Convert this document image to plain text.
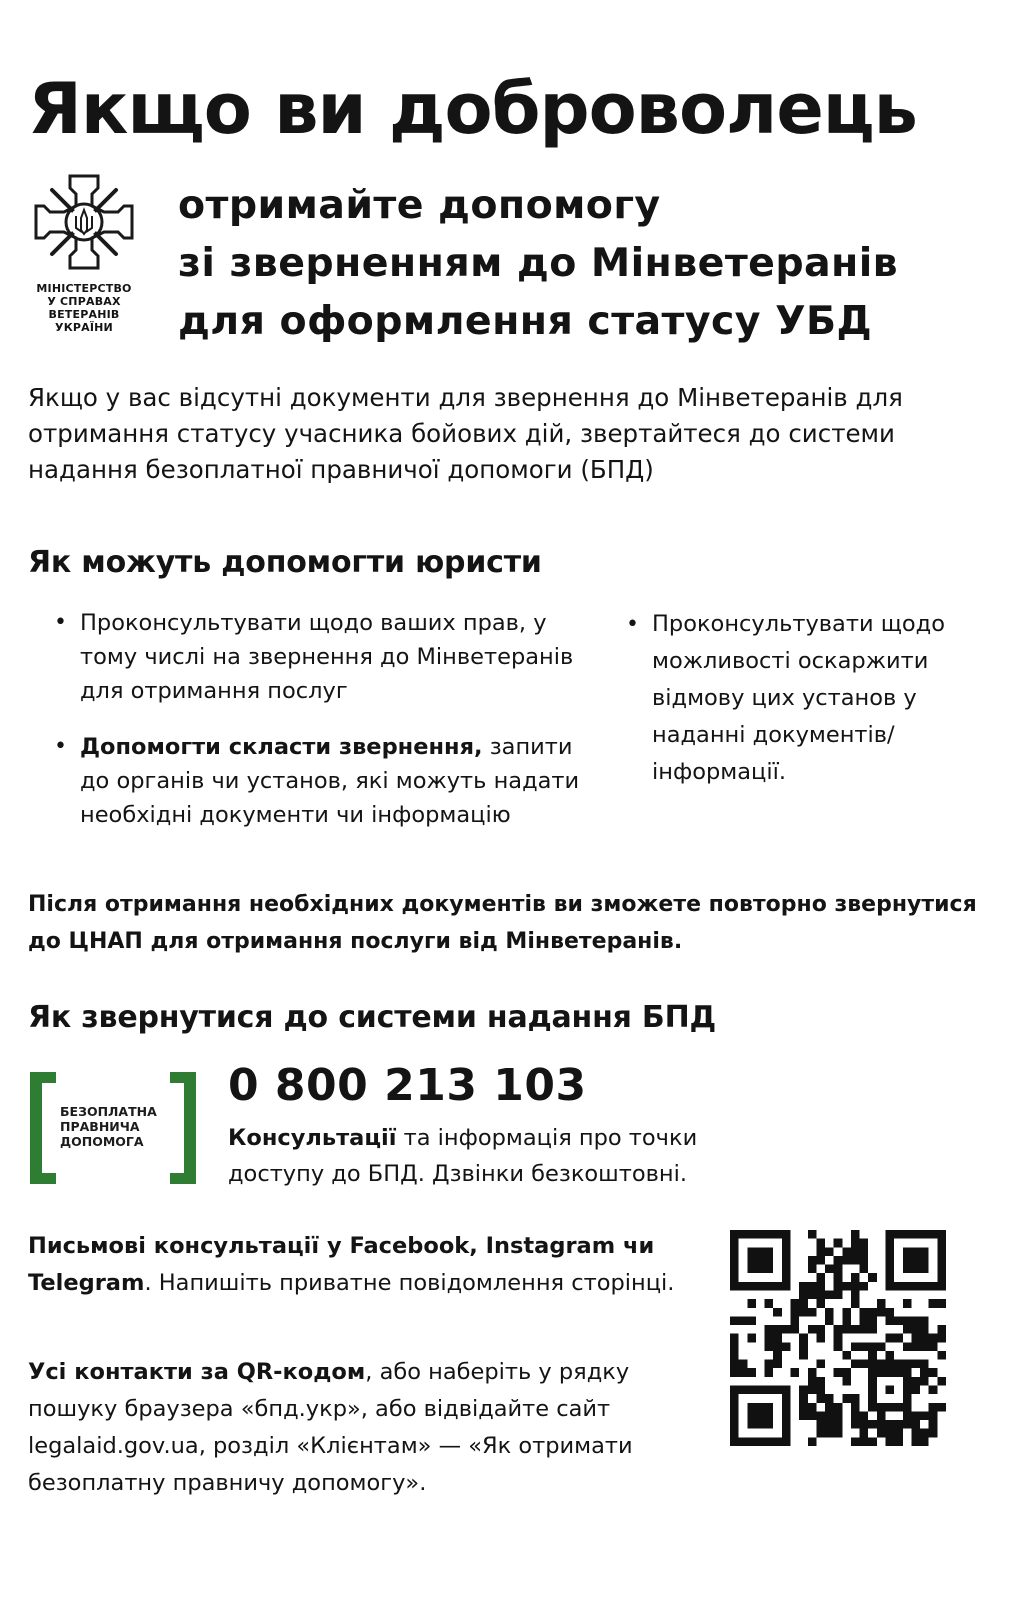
Якщо ви доброволець
МІНІСТЕРСТВО
У СПРАВАХ
ВЕТЕРАНІВ
УКРАЇНИ
отримайте допомогу
зі зверненням до Мінветеранів
для оформлення статусу УБД
Якщо у вас відсутні документи для звернення до Мінветеранів для отримання статусу учасника бойових дій, звертайтеся до системи надання безоплатної правничої допомоги (БПД)
Як можуть допомогти юристи
• Проконсультувати щодо ваших прав, у тому числі на звернення до Мінветеранів для отримання послуг
• Допомогти скласти звернення, запити до органів чи установ, які можуть надати необхідні документи чи інформацію
• Проконсультувати щодо можливості оскаржити відмову цих установ у наданні документів/ інформації.
Після отримання необхідних документів ви зможете повторно звернутися до ЦНАП для отримання послуги від Мінветеранів.
Як звернутися до системи надання БПД
БЕЗОПЛАТНА
ПРАВНИЧА
ДОПОМОГА
0 800 213 103
Консультації та інформація про точки доступу до БПД. Дзвінки безкоштовні.
Письмові консультації у Facebook, Instagram чи Telegram. Напишіть приватне повідомлення сторінці.
Усі контакти за QR-кодом, або наберіть у рядку пошуку браузера «бпд.укр», або відвідайте сайт legalaid.gov.ua, розділ «Клієнтам» — «Як отримати безоплатну правничу допомогу».
